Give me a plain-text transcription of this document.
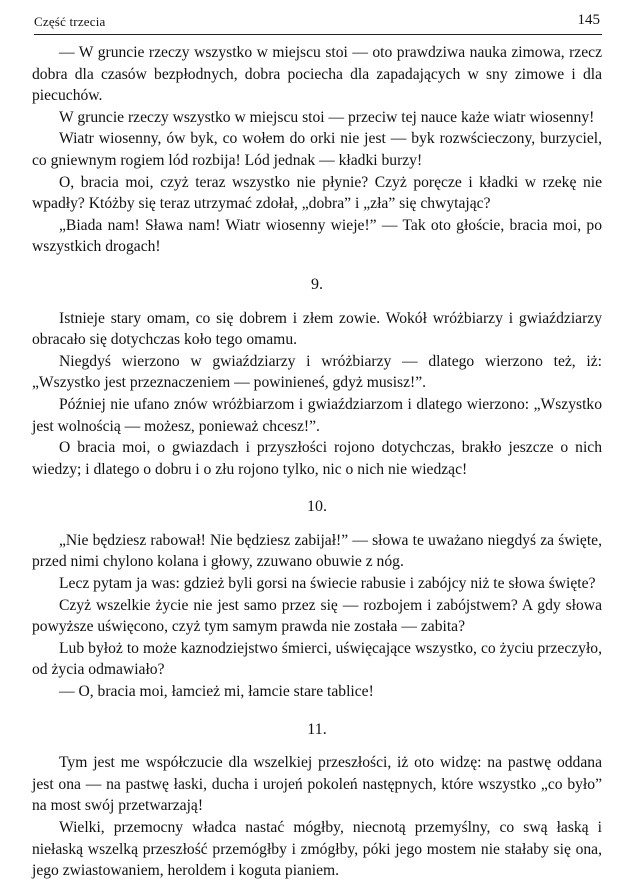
Część trzecia	145

— W gruncie rzeczy wszystko w miejscu stoi — oto prawdziwa nauka zimowa, rzecz dobra dla czasów bezpłodnych, dobra pociecha dla zapadających w sny zimowe i dla piecuchów.

W gruncie rzeczy wszystko w miejscu stoi — przeciw tej nauce każe wiatr wiosenny!

Wiatr wiosenny, ów byk, co wołem do orki nie jest — byk rozwścieczony, burzyciel, co gniewnym rogiem lód rozbija! Lód jednak — kładki burzy!

O, bracia moi, czyż teraz wszystko nie płynie? Czyż poręcze i kładki w rzekę nie wpadły? Któżby się teraz utrzymać zdołał, „dobra” i „zła” się chwytając?

„Biada nam! Sława nam! Wiatr wiosenny wieje!” — Tak oto głoście, bracia moi, po wszystkich drogach!

9.

Istnieje stary omam, co się dobrem i złem zowie. Wokół wróżbiarzy i gwiaździarzy obracało się dotychczas koło tego omamu.

Niegdyś wierzono w gwiaździarzy i wróżbiarzy — dlatego wierzono też, iż: „Wszystko jest przeznaczeniem — powinieneś, gdyż musisz!”.

Później nie ufano znów wróżbiarzom i gwiaździarzom i dlatego wierzono: „Wszystko jest wolnością — możesz, ponieważ chcesz!”.

O bracia moi, o gwiazdach i przyszłości rojono dotychczas, brakło jeszcze o nich wiedzy; i dlatego o dobru i o złu rojono tylko, nic o nich nie wiedząc!

10.

„Nie będziesz rabował! Nie będziesz zabijał!” — słowa te uważano niegdyś za święte, przed nimi chylono kolana i głowy, zzuwano obuwie z nóg.

Lecz pytam ja was: gdzież byli gorsi na świecie rabusie i zabójcy niż te słowa święte?

Czyż wszelkie życie nie jest samo przez się — rozbojem i zabójstwem? A gdy słowa powyższe uświęcono, czyż tym samym prawda nie została — zabita?

Lub byłoż to może kaznodziejstwo śmierci, uświęcające wszystko, co życiu przeczyło, od życia odmawiało?

— O, bracia moi, łamcież mi, łamcie stare tablice!

11.

Tym jest me współczucie dla wszelkiej przeszłości, iż oto widzę: na pastwę oddana jest ona — na pastwę łaski, ducha i urojeń pokoleń następnych, które wszystko „co było” na most swój przetwarzają!

Wielki, przemocny władca nastać mógłby, niecnotą przemyślny, co swą łaską i niełaską wszelką przeszłość przemógłby i zmógłby, póki jego mostem nie stałaby się ona, jego zwiastowaniem, heroldem i koguta pianiem.
